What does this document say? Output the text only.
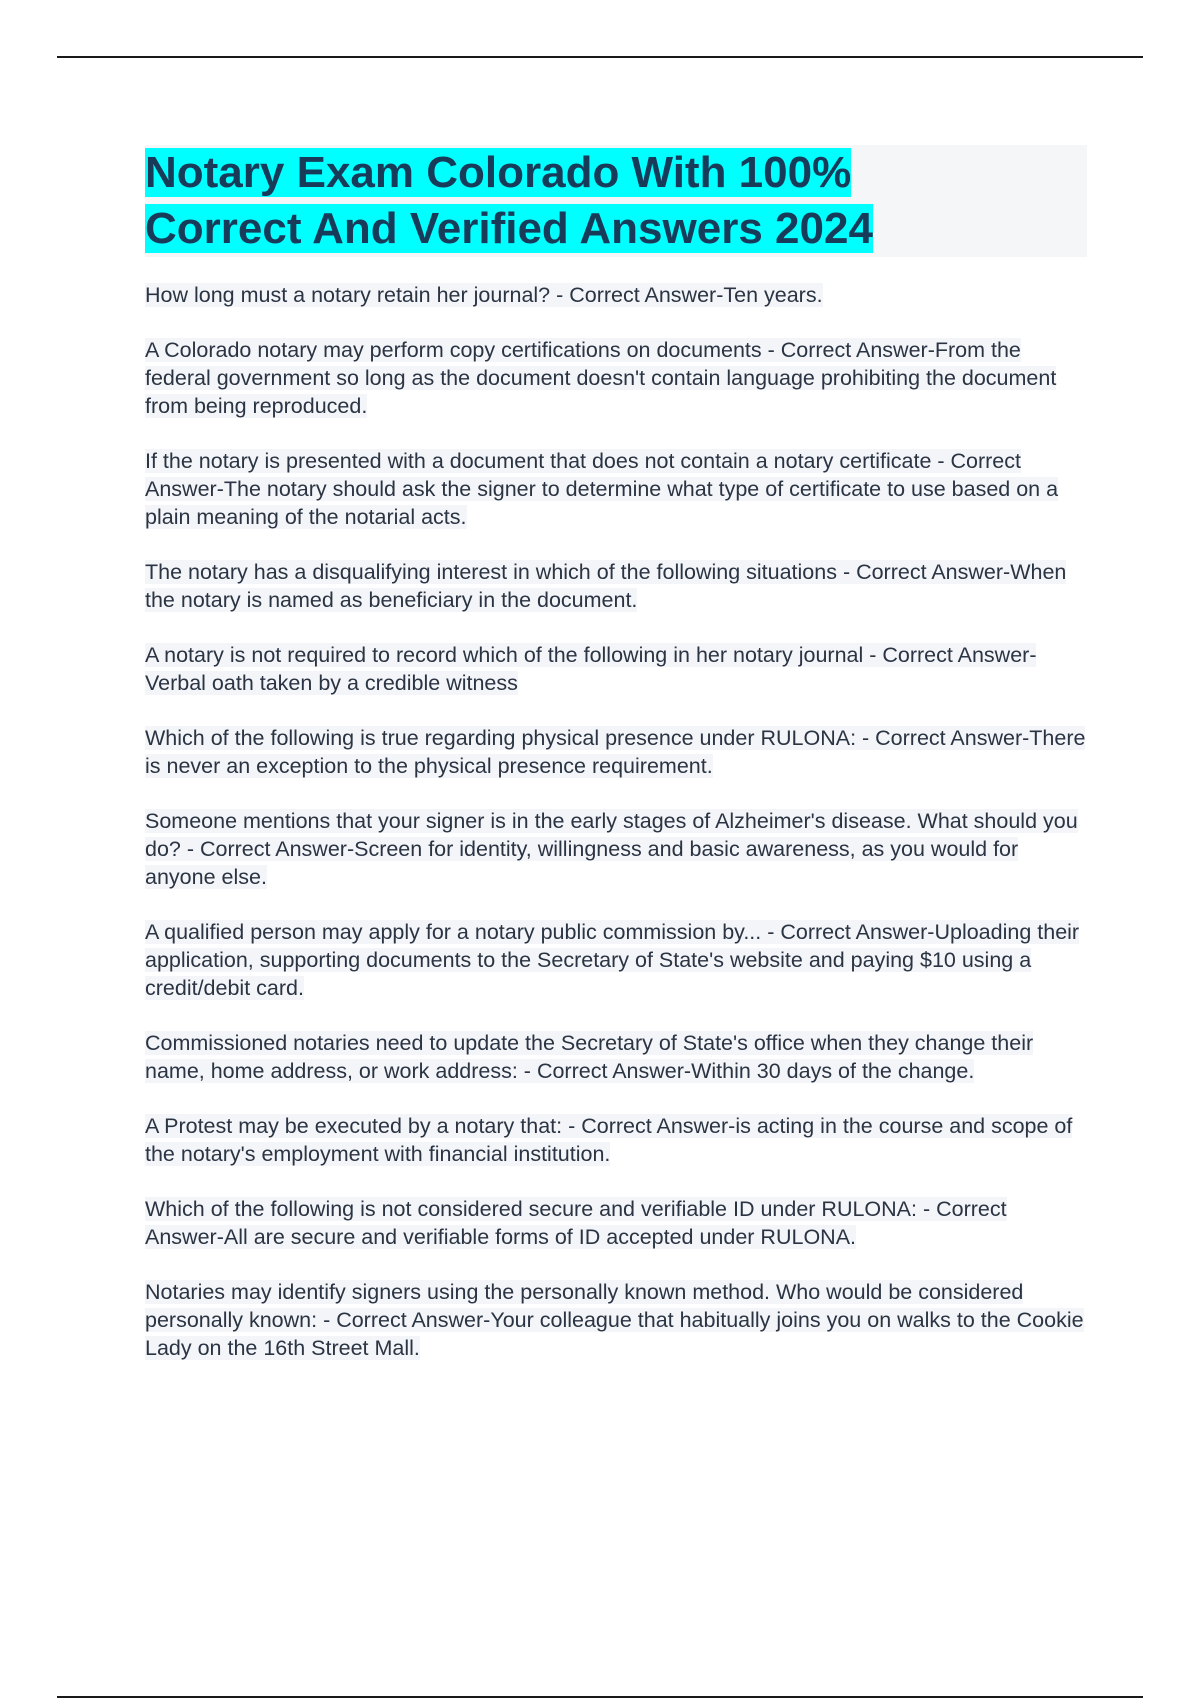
Notary Exam Colorado With 100%
Correct And Verified Answers 2024

How long must a notary retain her journal? - Correct Answer-Ten years.

A Colorado notary may perform copy certifications on documents - Correct Answer-From the federal government so long as the document doesn't contain language prohibiting the document from being reproduced.

If the notary is presented with a document that does not contain a notary certificate - Correct Answer-The notary should ask the signer to determine what type of certificate to use based on a plain meaning of the notarial acts.

The notary has a disqualifying interest in which of the following situations - Correct Answer-When the notary is named as beneficiary in the document.

A notary is not required to record which of the following in her notary journal - Correct Answer-Verbal oath taken by a credible witness

Which of the following is true regarding physical presence under RULONA: - Correct Answer-There is never an exception to the physical presence requirement.

Someone mentions that your signer is in the early stages of Alzheimer's disease. What should you do? - Correct Answer-Screen for identity, willingness and basic awareness, as you would for anyone else.

A qualified person may apply for a notary public commission by... - Correct Answer-Uploading their application, supporting documents to the Secretary of State's website and paying $10 using a credit/debit card.

Commissioned notaries need to update the Secretary of State's office when they change their name, home address, or work address: - Correct Answer-Within 30 days of the change.

A Protest may be executed by a notary that: - Correct Answer-is acting in the course and scope of the notary's employment with financial institution.

Which of the following is not considered secure and verifiable ID under RULONA: - Correct Answer-All are secure and verifiable forms of ID accepted under RULONA.

Notaries may identify signers using the personally known method. Who would be considered personally known: - Correct Answer-Your colleague that habitually joins you on walks to the Cookie Lady on the 16th Street Mall.
